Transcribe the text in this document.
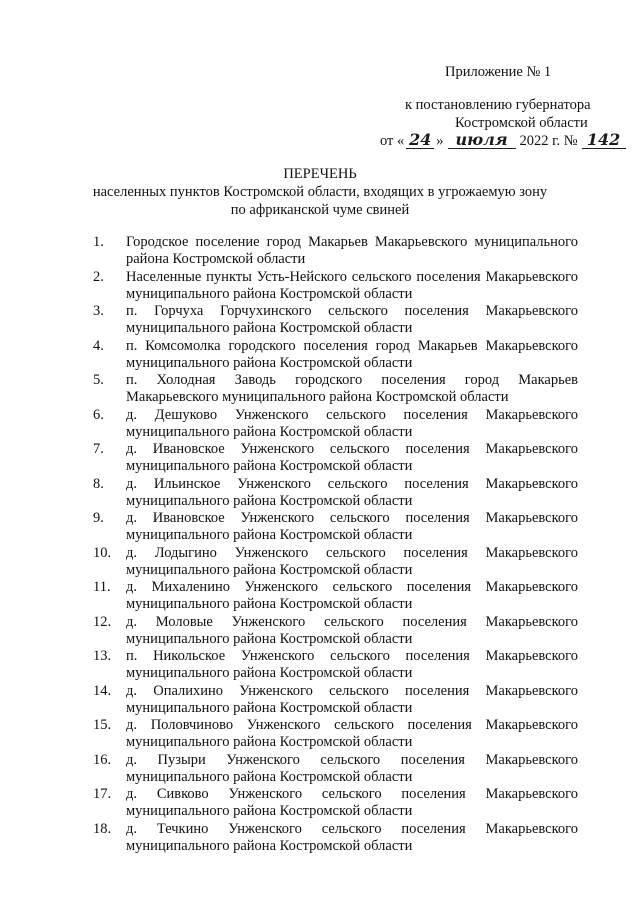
Приложение № 1
к постановлению губернатора
Костромской области
от « 24 » июля 2022 г. № 142
ПЕРЕЧЕНЬ
населенных пунктов Костромской области, входящих в угрожаемую зону
по африканской чуме свиней
1. Городское поселение город Макарьев Макарьевского муниципального района Костромской области
2. Населенные пункты Усть-Нейского сельского поселения Макарьевского муниципального района Костромской области
3. п. Горчуха Горчухинского сельского поселения Макарьевского муниципального района Костромской области
4. п. Комсомолка городского поселения город Макарьев Макарьевского муниципального района Костромской области
5. п. Холодная Заводь городского поселения город Макарьев Макарьевского муниципального района Костромской области
6. д. Дешуково Унженского сельского поселения Макарьевского муниципального района Костромской области
7. д. Ивановское Унженского сельского поселения Макарьевского муниципального района Костромской области
8. д. Ильинское Унженского сельского поселения Макарьевского муниципального района Костромской области
9. д. Ивановское Унженского сельского поселения Макарьевского муниципального района Костромской области
10. д. Лодыгино Унженского сельского поселения Макарьевского муниципального района Костромской области
11. д. Михаленино Унженского сельского поселения Макарьевского муниципального района Костромской области
12. д. Моловые Унженского сельского поселения Макарьевского муниципального района Костромской области
13. п. Никольское Унженского сельского поселения Макарьевского муниципального района Костромской области
14. д. Опалихино Унженского сельского поселения Макарьевского муниципального района Костромской области
15. д. Половчиново Унженского сельского поселения Макарьевского муниципального района Костромской области
16. д. Пузыри Унженского сельского поселения Макарьевского муниципального района Костромской области
17. д. Сивково Унженского сельского поселения Макарьевского муниципального района Костромской области
18. д. Течкино Унженского сельского поселения Макарьевского муниципального района Костромской области
